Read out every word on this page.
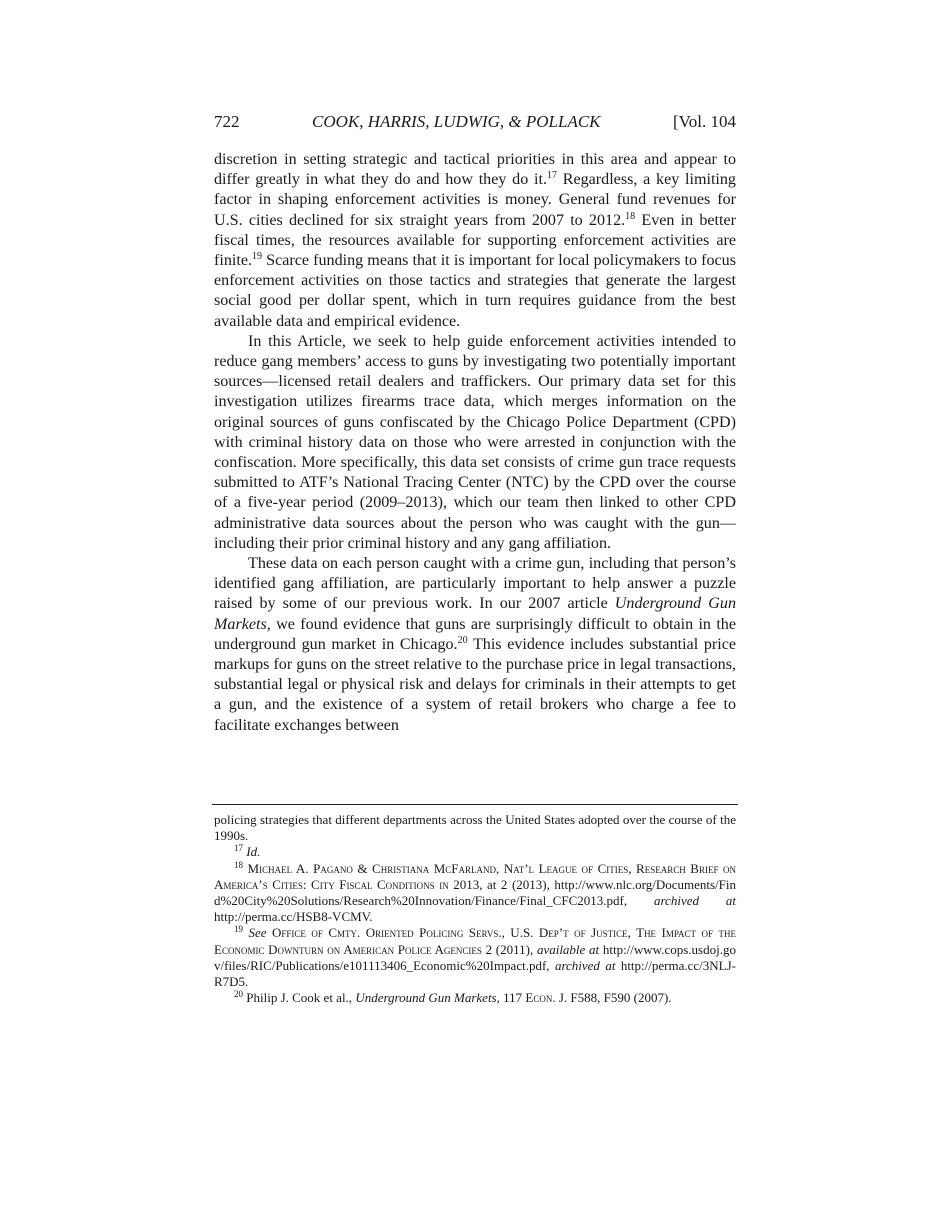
722	COOK, HARRIS, LUDWIG, & POLLACK	[Vol. 104

discretion in setting strategic and tactical priorities in this area and appear to differ greatly in what they do and how they do it.$^{17}$ Regardless, a key limiting factor in shaping enforcement activities is money. General fund revenues for U.S. cities declined for six straight years from 2007 to 2012.18 Even in better fiscal times, the resources available for supporting enforcement activities are finite.$^{19}$ Scarce funding means that it is important for local policymakers to focus enforcement activities on those tactics and strategies that generate the largest social good per dollar spent, which in turn requires guidance from the best available data and empirical evidence.

In this Article, we seek to help guide enforcement activities intended to reduce gang members’ access to guns by investigating two potentially important sources—licensed retail dealers and traffickers. Our primary data set for this investigation utilizes firearms trace data, which merges information on the original sources of guns confiscated by the Chicago Police Department (CPD) with criminal history data on those who were arrested in conjunction with the confiscation. More specifically, this data set consists of crime gun trace requests submitted to ATF’s National Tracing Center (NTC) by the CPD over the course of a five-year period (2009–2013), which our team then linked to other CPD administrative data sources about the person who was caught with the gun—including their prior criminal history and any gang affiliation.

These data on each person caught with a crime gun, including that person’s identified gang affiliation, are particularly important to help answer a puzzle raised by some of our previous work. In our 2007 article Underground Gun Markets, we found evidence that guns are surprisingly difficult to obtain in the underground gun market in Chicago.$^{20}$ This evidence includes substantial price markups for guns on the street relative to the purchase price in legal transactions, substantial legal or physical risk and delays for criminals in their attempts to get a gun, and the existence of a system of retail brokers who charge a fee to facilitate exchanges between

policing strategies that different departments across the United States adopted over the course of the 1990s.

$^{17}$ Id.

$^{18}$ Michael A. Pagano & Christiana McFarland, Nat’l League of Cities, Research Brief on America’s Cities: City Fiscal Conditions in 2013, at 2 (2013), http://www.nlc.org/Documents/Find%20City%20Solutions/Research%20Innovation/Finance/Final_CFC2013.pdf, archived at http://perma.cc/HSB8-VCMV.

$^{19}$ See Office of Cmty. Oriented Policing Servs., U.S. Dep’t of Justice, The Impact of the Economic Downturn on American Police Agencies 2 (2011), available at http://www.cops.usdoj.gov/files/RIC/Publications/e101113406_Economic%20Impact.pdf, archived at http://perma.cc/3NLJ-R7D5.

$^{20}$ Philip J. Cook et al., Underground Gun Markets, 117 Econ. J. F588, F590 (2007).
